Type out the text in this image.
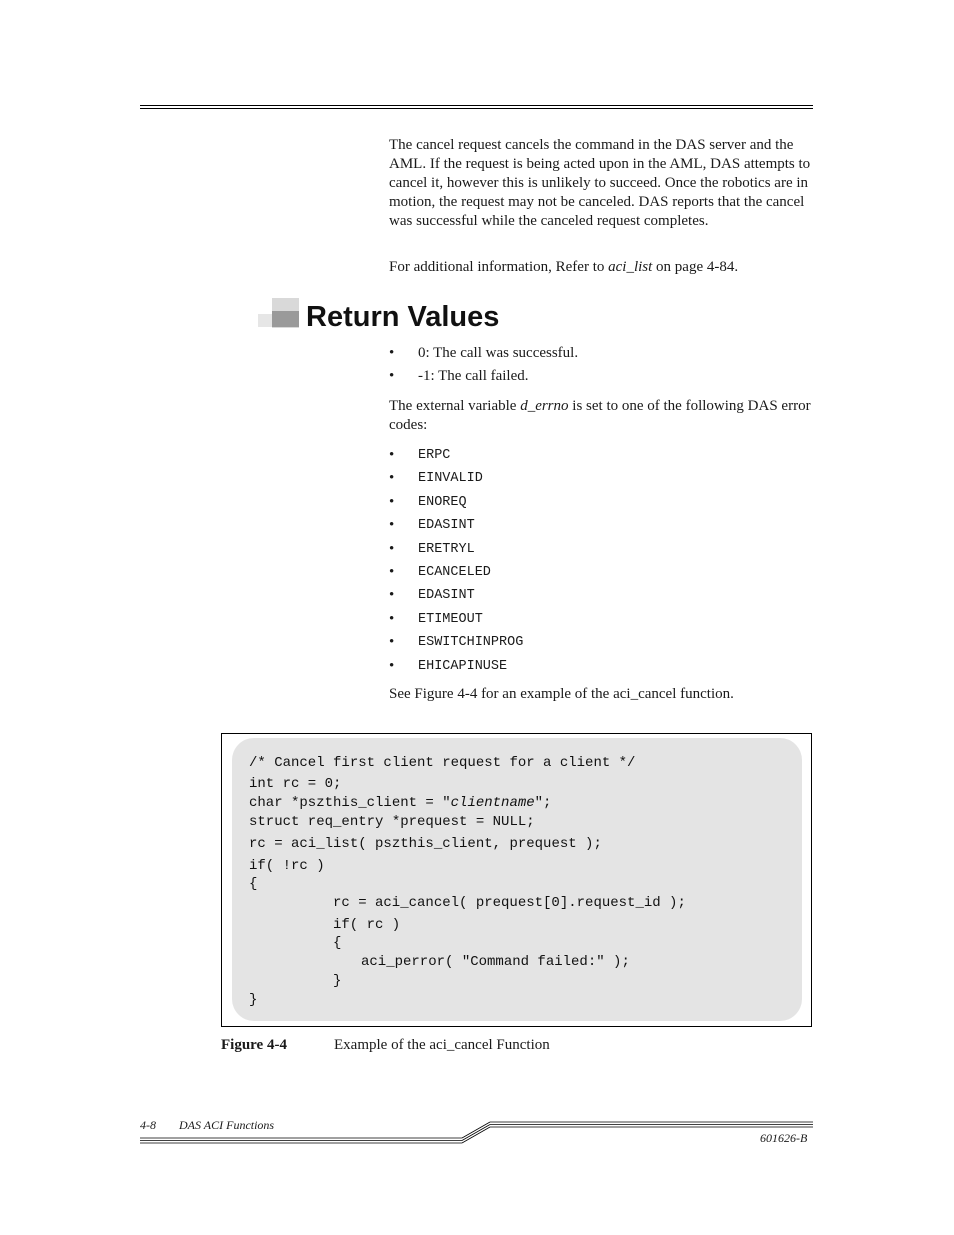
The cancel request cancels the command in the DAS server and the AML. If the request is being acted upon in the AML, DAS attempts to cancel it, however this is unlikely to succeed. Once the robotics are in motion, the request may not be canceled. DAS reports that the cancel was successful while the canceled request completes.

For additional information, Refer to aci_list on page 4-84.

Return Values
• 0: The call was successful.
• -1: The call failed.

The external variable d_errno is set to one of the following DAS error codes:

• ERPC
• EINVALID
• ENOREQ
• EDASINT
• ERETRYL
• ECANCELED
• EDASINT
• ETIMEOUT
• ESWITCHINPROG
• EHICAPINUSE

See Figure 4-4 for an example of the aci_cancel function.

/* Cancel first client request for a client */
int rc = 0;
char *pszthis_client = "clientname";
struct req_entry *prequest = NULL;
rc = aci_list( pszthis_client, prequest );
if( !rc )
{
rc = aci_cancel( prequest[0].request_id );
if( rc )
{
aci_perror( "Command failed:" );
}
}
Figure 4-4	Example of the aci_cancel Function
4-8 DAS ACI Functions
601626-B
